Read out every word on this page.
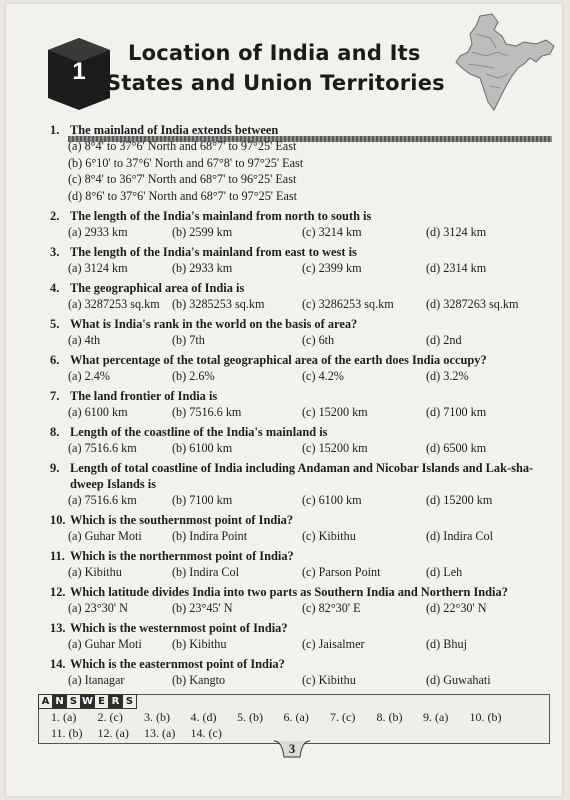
1
Location of India and Its
States and Union Territories
1. The mainland of India extends between
(a) 8°4' to 37°6' North and 68°7' to 97°25' East
(b) 6°10' to 37°6' North and 67°8' to 97°25' East
(c) 8°4' to 36°7' North and 68°7' to 96°25' East
(d) 8°6' to 37°6' North and 68°7' to 97°25' East
2. The length of the India's mainland from north to south is
(a) 2933 km	(b) 2599 km	(c) 3214 km	(d) 3124 km
3. The length of the India's mainland from east to west is
(a) 3124 km	(b) 2933 km	(c) 2399 km	(d) 2314 km
4. The geographical area of India is
(a) 3287253 sq.km	(b) 3285253 sq.km	(c) 3286253 sq.km	(d) 3287263 sq.km
5. What is India's rank in the world on the basis of area?
(a) 4th	(b) 7th	(c) 6th	(d) 2nd
6. What percentage of the total geographical area of the earth does India occupy?
(a) 2.4%	(b) 2.6%	(c) 4.2%	(d) 3.2%
7. The land frontier of India is
(a) 6100 km	(b) 7516.6 km	(c) 15200 km	(d) 7100 km
8. Length of the coastline of the India's mainland is
(a) 7516.6 km	(b) 6100 km	(c) 15200 km	(d) 6500 km
9. Length of total coastline of India including Andaman and Nicobar Islands and Lak-sha-dweep Islands is
(a) 7516.6 km	(b) 7100 km	(c) 6100 km	(d) 15200 km
10. Which is the southernmost point of India?
(a) Guhar Moti	(b) Indira Point	(c) Kibithu	(d) Indira Col
11. Which is the northernmost point of India?
(a) Kibithu	(b) Indira Col	(c) Parson Point	(d) Leh
12. Which latitude divides India into two parts as Southern India and Northern India?
(a) 23°30' N	(b) 23°45' N	(c) 82°30' E	(d) 22°30' N
13. Which is the westernmost point of India?
(a) Guhar Moti	(b) Kibithu	(c) Jaisalmer	(d) Bhuj
14. Which is the easternmost point of India?
(a) Itanagar	(b) Kangto	(c) Kibithu	(d) Guwahati
A N S W E R S
1. (a)	2. (c)	3. (b)	4. (d)	5. (b)	6. (a)	7. (c)	8. (b)	9. (a)	10. (b)
11. (b)	12. (a)	13. (a)	14. (c)
3
